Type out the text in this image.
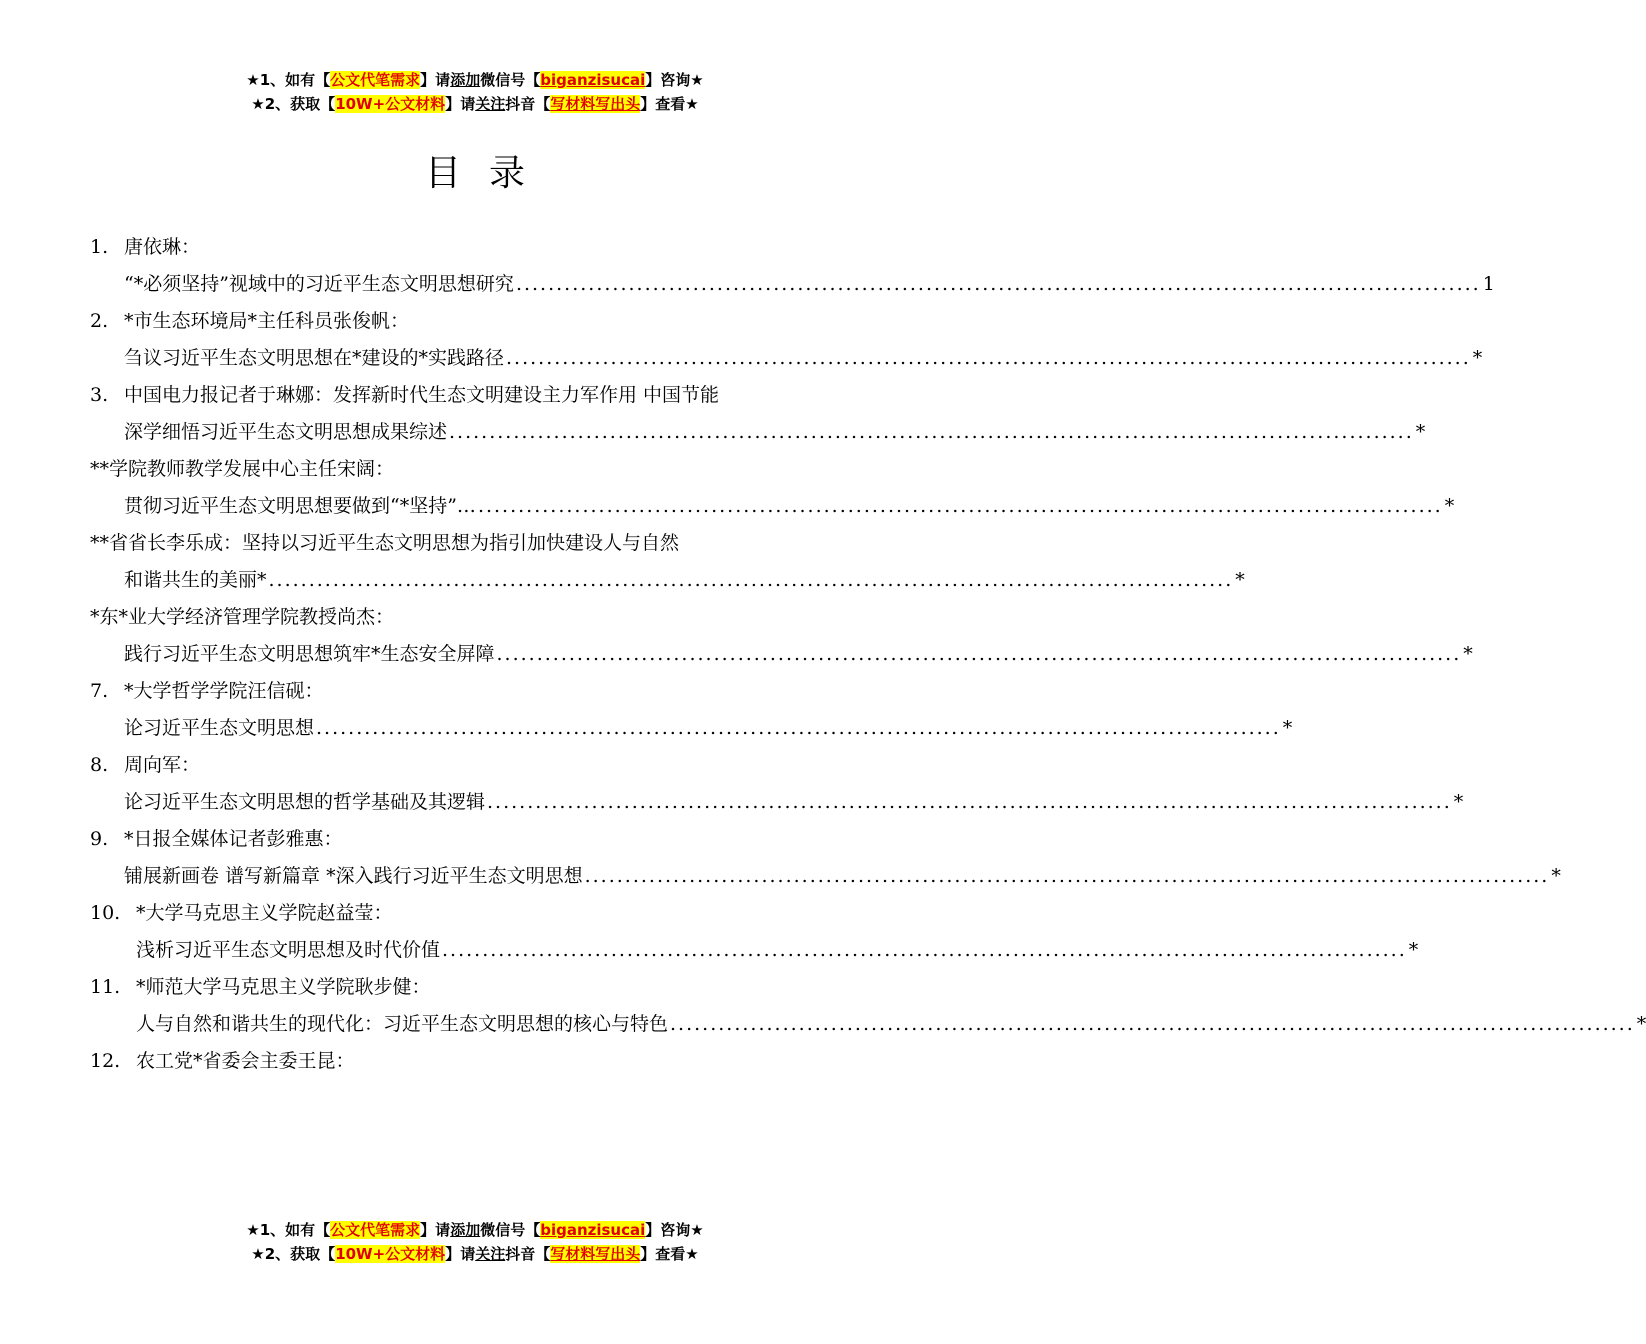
★1、如有【公文代笔需求】请添加微信号【biganzisucai】咨询★
★2、获取【10W+公文材料】请关注抖音【写材料写出头】查看★
目录
1. 唐依琳：
“*必须坚持”视域中的习近平生态文明思想研究 ........................................................................................................................ 1
2. *市生态环境局*主任科员张俊帆：
刍议习近平生态文明思想在*建设的*实践路径 ........................................................................................................................ *
3. 中国电力报记者于琳娜：发挥新时代生态文明建设主力军作用 中国节能
深学细悟习近平生态文明思想成果综述 ........................................................................................................................ *
**学院教师教学发展中心主任宋阔：
贯彻习近平生态文明思想要做到“*坚持”… ........................................................................................................................ *
**省省长李乐成：坚持以习近平生态文明思想为指引加快建设人与自然
和谐共生的美丽* ........................................................................................................................ *
*东*业大学经济管理学院教授尚杰：
践行习近平生态文明思想筑牢*生态安全屏障 ........................................................................................................................ *
7. *大学哲学学院汪信砚：
论习近平生态文明思想 ........................................................................................................................ *
8. 周向军：
论习近平生态文明思想的哲学基础及其逻辑 ........................................................................................................................ *
9. *日报全媒体记者彭雅惠：
铺展新画卷 谱写新篇章 *深入践行习近平生态文明思想 ........................................................................................................................ *
10. *大学马克思主义学院赵益莹：
浅析习近平生态文明思想及时代价值 ........................................................................................................................ *
11. *师范大学马克思主义学院耿步健：
人与自然和谐共生的现代化：习近平生态文明思想的核心与特色 ........................................................................................................................ *
12. 农工党*省委会主委王昆：
★1、如有【公文代笔需求】请添加微信号【biganzisucai】咨询★
★2、获取【10W+公文材料】请关注抖音【写材料写出头】查看★
